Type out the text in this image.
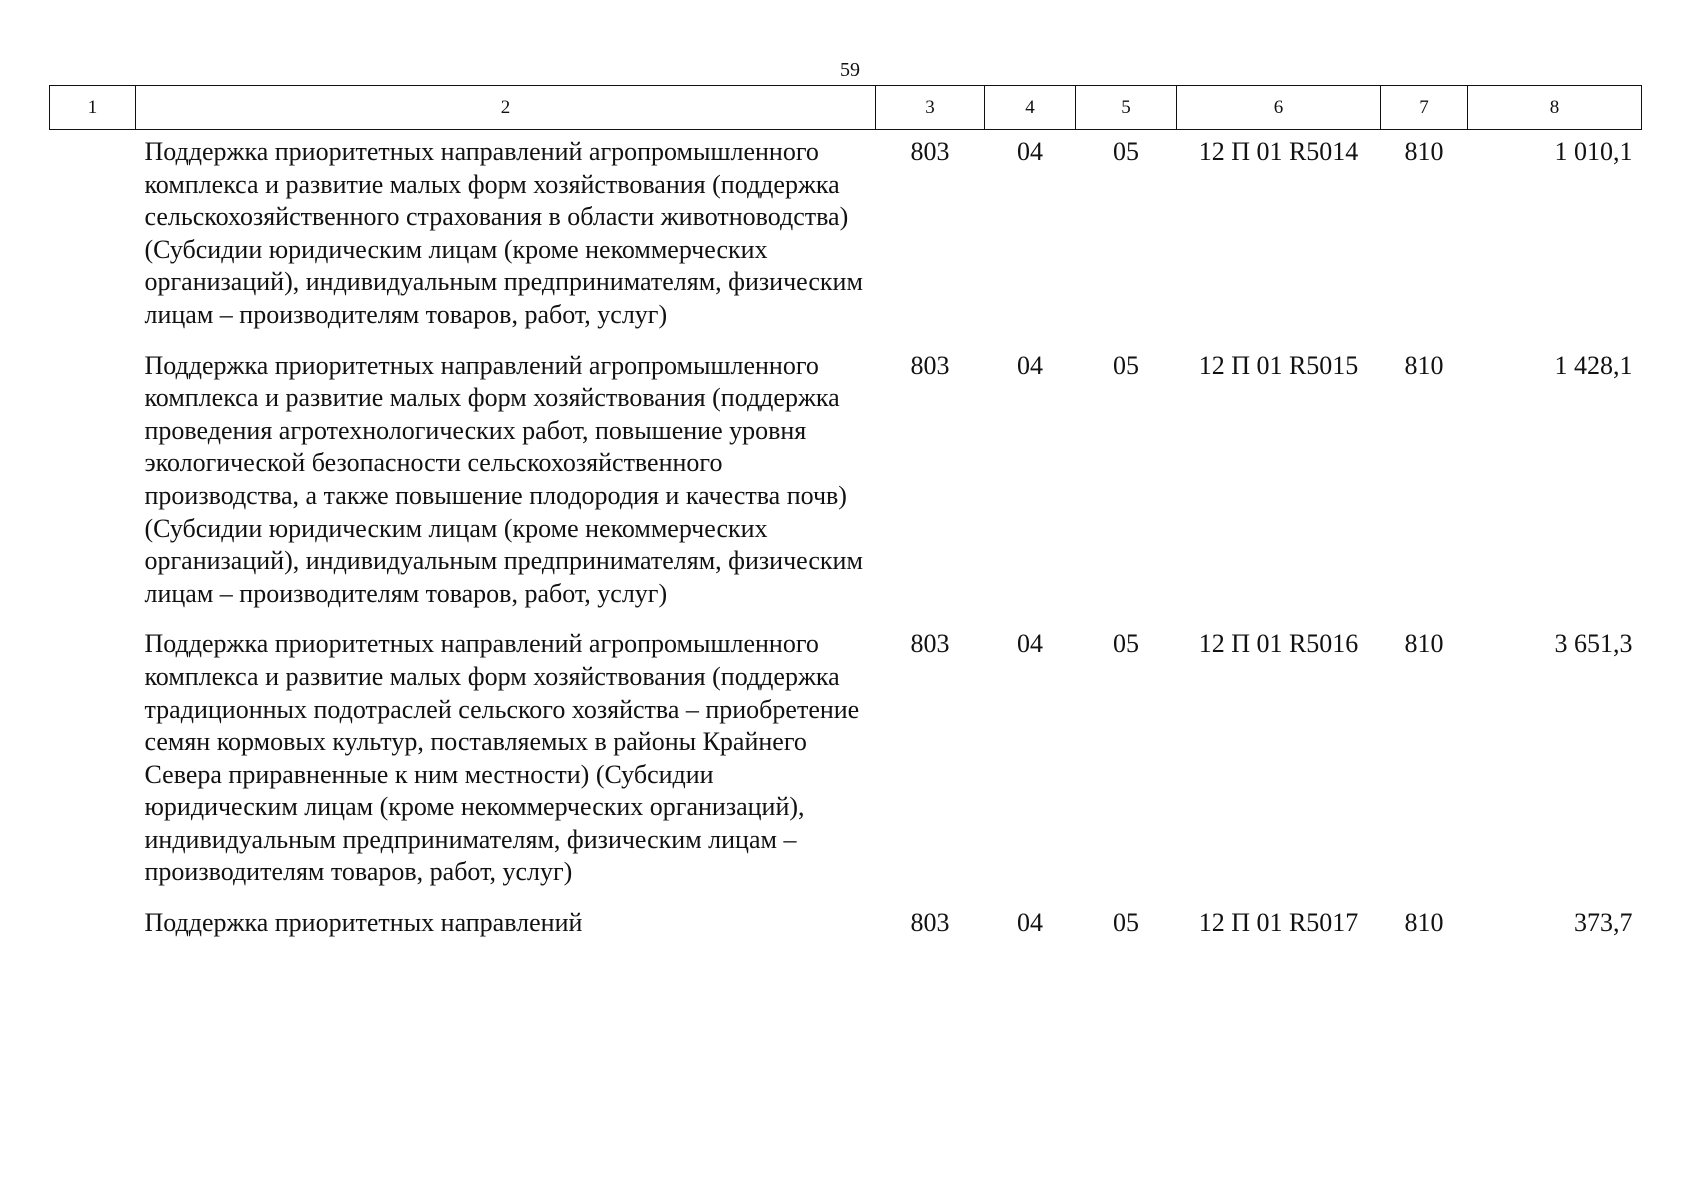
59
1	2	3	4	5	6	7	8
	Поддержка приоритетных направлений агропромышленного комплекса и развитие малых форм хозяйствования (поддержка сельскохозяйственного страхования в области животноводства) (Субсидии юридическим лицам (кроме некоммерческих организаций), индивидуальным предпринимателям, физическим лицам – производителям товаров, работ, услуг)	803	04	05	12 П 01 R5014	810	1 010,1
	Поддержка приоритетных направлений агропромышленного комплекса и развитие малых форм хозяйствования (поддержка проведения агротехнологических работ, повышение уровня экологической безопасности сельскохозяйственного производства, а также повышение плодородия и качества почв) (Субсидии юридическим лицам (кроме некоммерческих организаций), индивидуальным предпринимателям, физическим лицам – производителям товаров, работ, услуг)	803	04	05	12 П 01 R5015	810	1 428,1
	Поддержка приоритетных направлений агропромышленного комплекса и развитие малых форм хозяйствования (поддержка традиционных подотраслей сельского хозяйства – приобретение семян кормовых культур, поставляемых в районы Крайнего Севера приравненные к ним местности) (Субсидии юридическим лицам (кроме некоммерческих организаций), индивидуальным предпринимателям, физическим лицам – производителям товаров, работ, услуг)	803	04	05	12 П 01 R5016	810	3 651,3
	Поддержка приоритетных направлений	803	04	05	12 П 01 R5017	810	373,7
